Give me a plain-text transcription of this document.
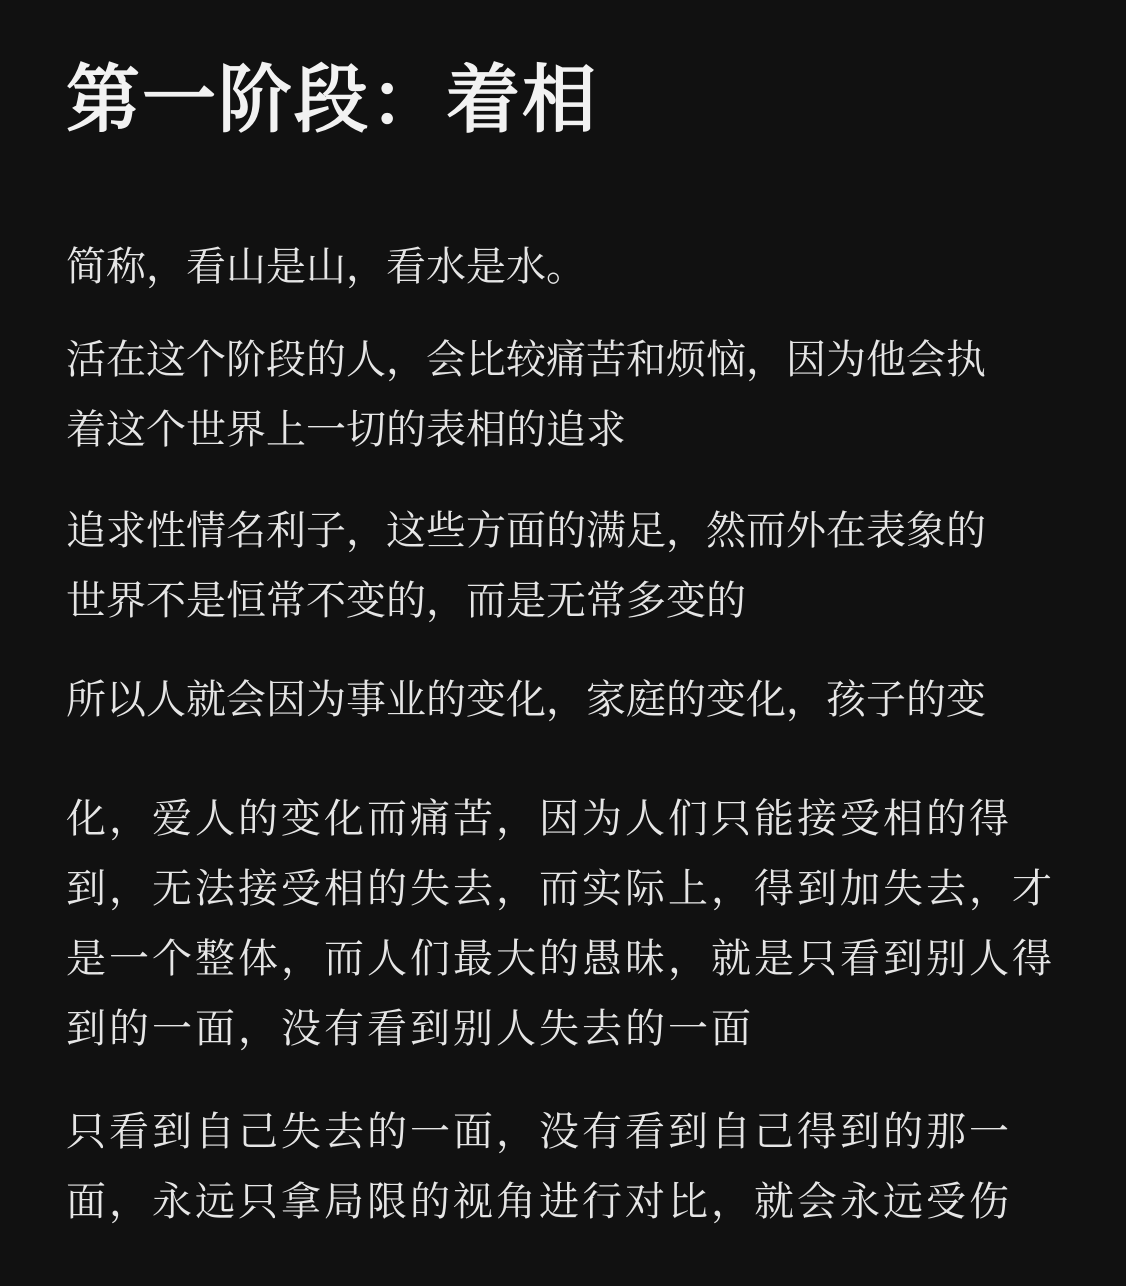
第一阶段：着相

简称，看山是山，看水是水。

活在这个阶段的人，会比较痛苦和烦恼，因为他会执
着这个世界上一切的表相的追求

追求性情名利子，这些方面的满足，然而外在表象的
世界不是恒常不变的，而是无常多变的

所以人就会因为事业的变化，家庭的变化，孩子的变

化，爱人的变化而痛苦，因为人们只能接受相的得
到，无法接受相的失去，而实际上，得到加失去，才
是一个整体，而人们最大的愚昧，就是只看到别人得
到的一面，没有看到别人失去的一面

只看到自己失去的一面，没有看到自己得到的那一
面，永远只拿局限的视角进行对比，就会永远受伤
